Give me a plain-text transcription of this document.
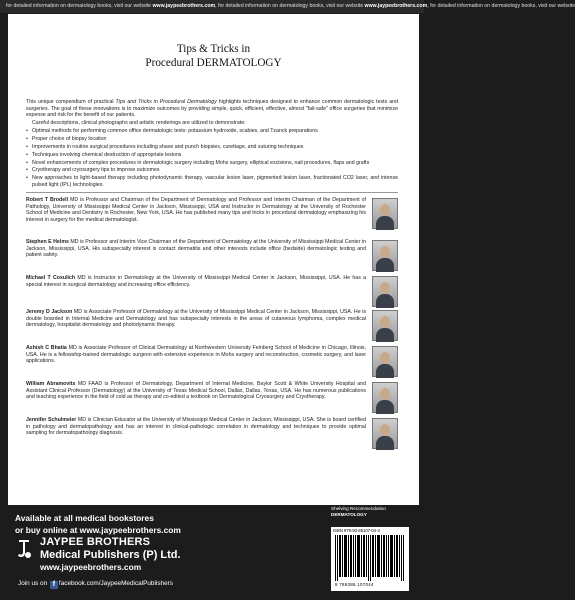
for detailed information on dermatology books, visit our website www.jaypeebrothers.com, for detailed information on dermatology books, visit our website www.jaypeebrothers.com, for detailed information on dermatology books, visit our website
Tips & Tricks in
Procedural DERMATOLOGY

This unique compendium of practical Tips and Tricks in Procedural Dermatology highlights techniques designed to enhance common dermatologic tests and surgeries. The goal of these innovations is to maximize outcomes by providing simple, quick, efficient, effective, almost "fail-safe" office surgeries that minimize expense and risk for the benefit of our patients.

Careful descriptions, clinical photographs and artistic renderings are utilized to demonstrate:

• Optimal methods for performing common office dermatologic tests: potassium hydroxide, scabies, and Tzanck preparations
• Proper choice of biopsy location
• Improvements in routine surgical procedures including shave and punch biopsies, curettage, and suturing techniques
• Techniques involving chemical destruction of appropriate lesions
• Novel enhancements of complex procedures in dermatologic surgery including Mohs surgery, elliptical excisions, nail procedures, flaps and grafts
• Cryotherapy and cryosurgery tips to improve outcomes
• New approaches to light-based therapy including photodynamic therapy, vascular lesion laser, pigmented lesion laser, fractionated CO2 laser, and intense pulsed light (IPL) technologies.
Robert T Brodell MD is Professor and Chairman of the Department of Dermatology and Professor and Interim Chairman of the Department of Pathology, University of Mississippi Medical Center in Jackson, Mississippi, USA and Instructor in Dermatology at the University of Rochester School of Medicine and Dentistry in Rochester, New York, USA. He has published many tips and tricks in procedural dermatology emphasizing his interest in surgery for the medical dermatologist.
Stephen E Helms MD is Professor and Interim Vice Chairman of the Department of Dermatology at the University of Mississippi Medical Center in Jackson, Mississippi, USA. His subspecialty interest is contact dermatitis and other interests include office (bedside) dermatologic testing and patient safety.
Michael T Cosulich MD is Instructor in Dermatology at the University of Mississippi Medical Center in Jackson, Mississippi, USA. He has a special interest in surgical dermatology and increasing office efficiency.
Jeremy D Jackson MD is Associate Professor of Dermatology at the University of Mississippi Medical Center in Jackson, Mississippi, USA. He is double boarded in Internal Medicine and Dermatology and has subspecialty interests in the areas of cutaneous lymphoma, complex medical dermatology, hospitalist dermatology and photodynamic therapy.
Ashish C Bhatia MD is Associate Professor of Clinical Dermatology at Northwestern University Feinberg School of Medicine in Chicago, Illinois, USA. He is a fellowship-trained dermatologic surgeon with extensive experience in Mohs surgery and reconstruction, cosmetic surgery, and laser applications.
William Abramovits MD FAAD is Professor of Dermatology, Department of Internal Medicine, Baylor Scott & White University Hospital and Assistant Clinical Professor (Dermatology) at the University of Texas Medical School, Dallas, Dallas, Texas, USA. He has numerous publications and teaching experience in the field of cold as therapy and co-edited a textbook on Dermatological Cryosurgery and Cryotherapy.
Jennifer Schulmeier MD is Clinician Educator at the University of Mississippi Medical Center in Jackson, Mississippi, USA. She is board certified in pathology and dermatopathology and has an interest in clinical-pathologic correlation in dermatology and techniques to provide optimal sampling for dermatopathology diagnosis.
Available at all medical bookstores
or buy online at www.jaypeebrothers.com
JAYPEE BROTHERS
Medical Publishers (P) Ltd.
www.jaypeebrothers.com
Join us on f facebook.com/JaypeeMedicalPublishers
Shelving Recommendation
DERMATOLOGY
ISBN 978-93-86107-04-4
9 789386 107044
